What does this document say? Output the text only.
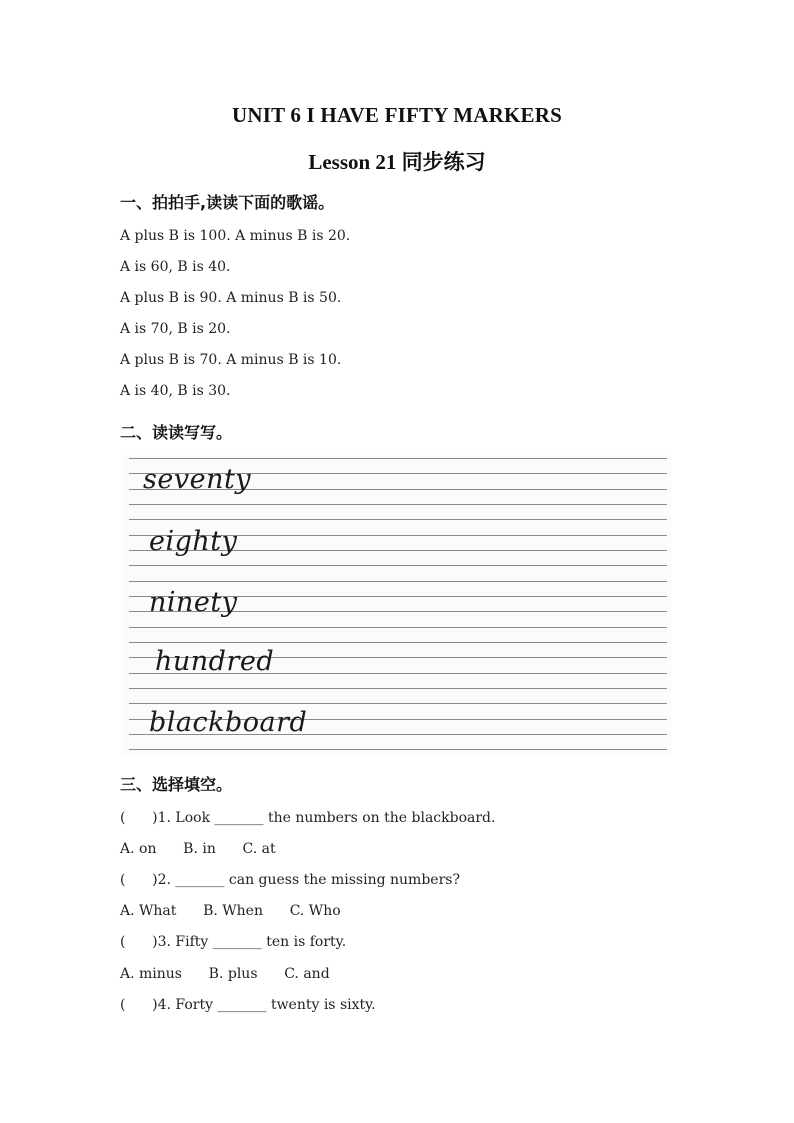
UNIT 6 I HAVE FIFTY MARKERS
Lesson 21 同步练习
一、拍拍手,读读下面的歌谣。
A plus B is 100. A minus B is 20.
A is 60, B is 40.
A plus B is 90. A minus B is 50.
A is 70, B is 20.
A plus B is 70. A minus B is 10.
A is 40, B is 30.
二、读读写写。
seventy
eighty
ninety
hundred
blackboard
三、选择填空。
(      )1. Look _______ the numbers on the blackboard.
A. on      B. in      C. at
(      )2. _______ can guess the missing numbers?
A. What      B. When      C. Who
(      )3. Fifty _______ ten is forty.
A. minus      B. plus      C. and
(      )4. Forty _______ twenty is sixty.
